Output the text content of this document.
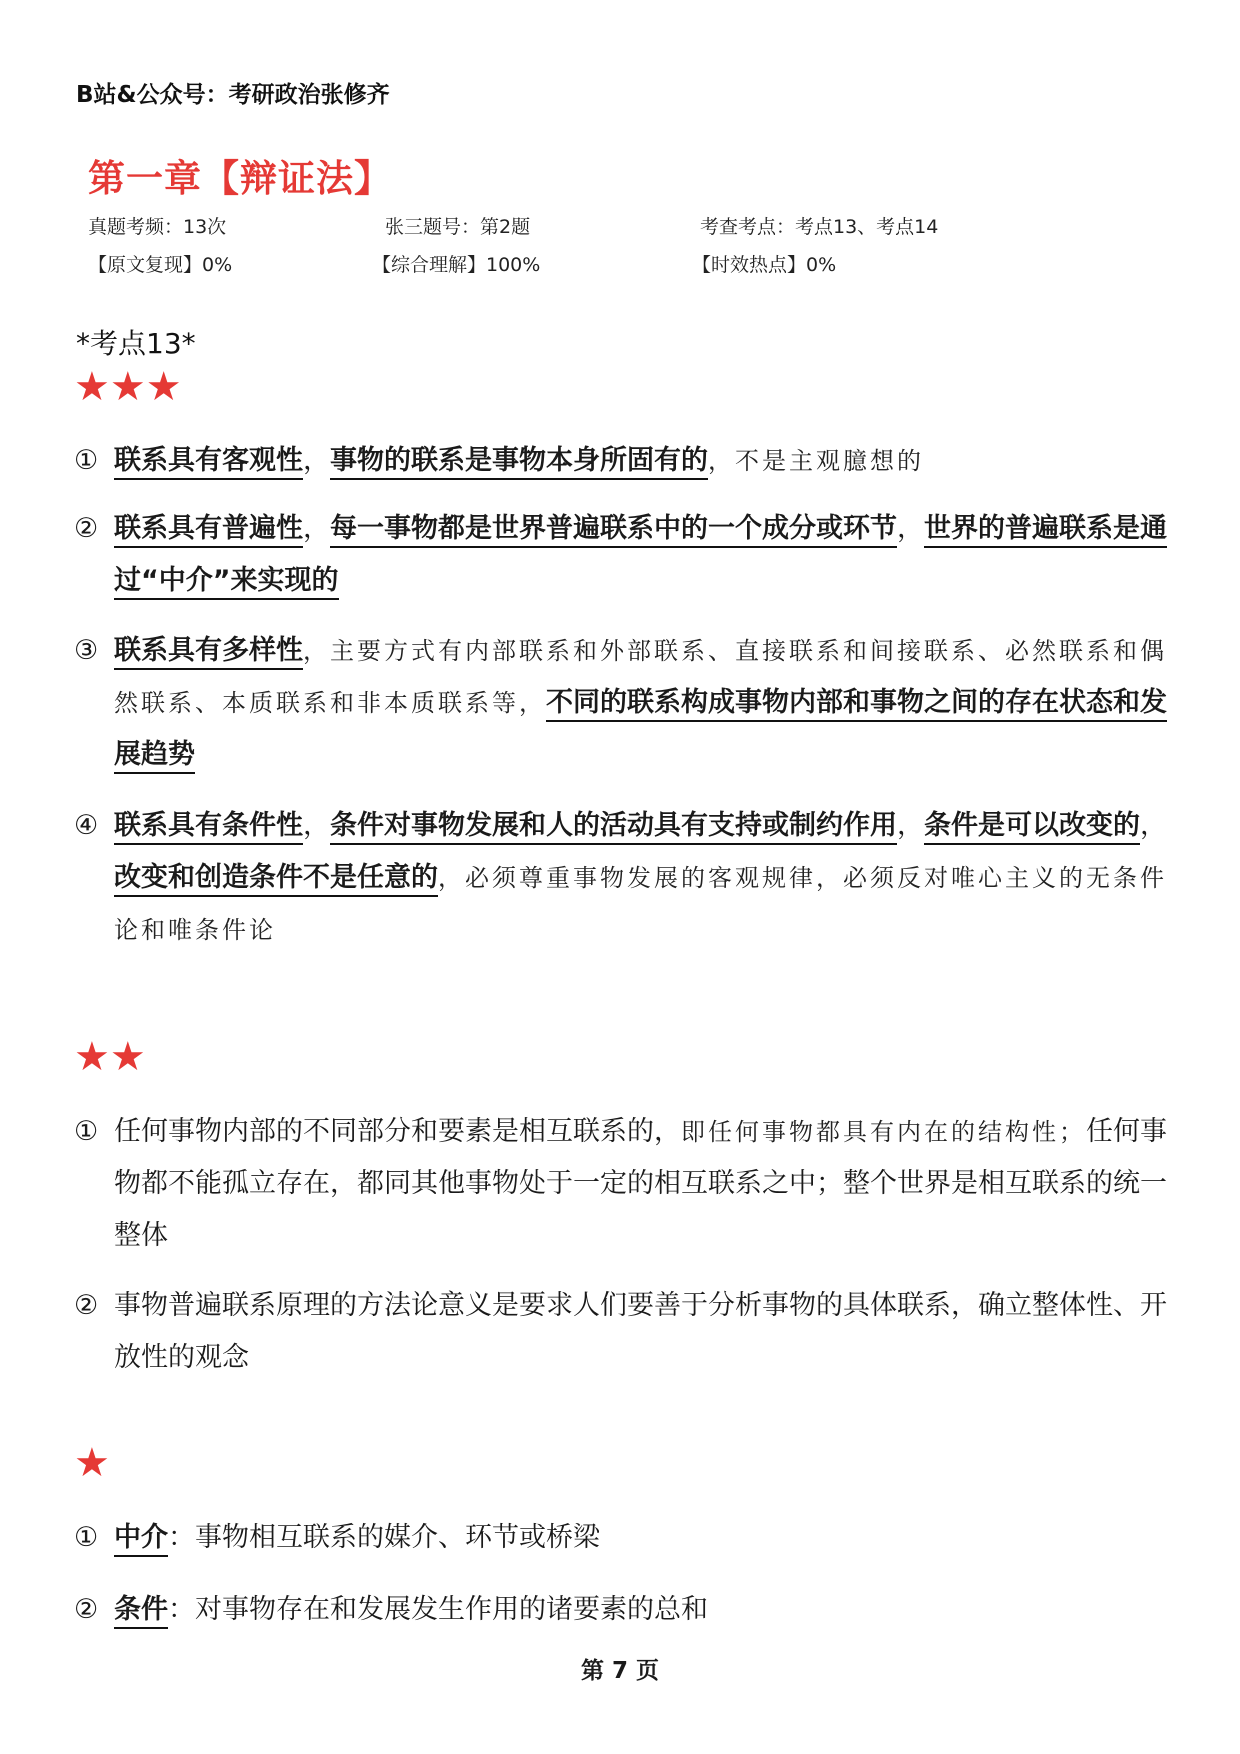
B站&公众号：考研政治张修齐
第一章【辩证法】
真题考频：13次	张三题号：第2题	考查考点：考点13、考点14
【原文复现】0%	【综合理解】100%	【时效热点】0%
*考点13*
★★★
① 联系具有客观性，事物的联系是事物本身所固有的，不是主观臆想的
② 联系具有普遍性，每一事物都是世界普遍联系中的一个成分或环节，世界的普遍联系是通过“中介”来实现的
③ 联系具有多样性，主要方式有内部联系和外部联系、直接联系和间接联系、必然联系和偶然联系、本质联系和非本质联系等，不同的联系构成事物内部和事物之间的存在状态和发展趋势
④ 联系具有条件性，条件对事物发展和人的活动具有支持或制约作用，条件是可以改变的，改变和创造条件不是任意的，必须尊重事物发展的客观规律，必须反对唯心主义的无条件论和唯条件论
★★
① 任何事物内部的不同部分和要素是相互联系的，即任何事物都具有内在的结构性；任何事物都不能孤立存在，都同其他事物处于一定的相互联系之中；整个世界是相互联系的统一整体
② 事物普遍联系原理的方法论意义是要求人们要善于分析事物的具体联系，确立整体性、开放性的观念
★
① 中介：事物相互联系的媒介、环节或桥梁
② 条件：对事物存在和发展发生作用的诸要素的总和
第 7 页
